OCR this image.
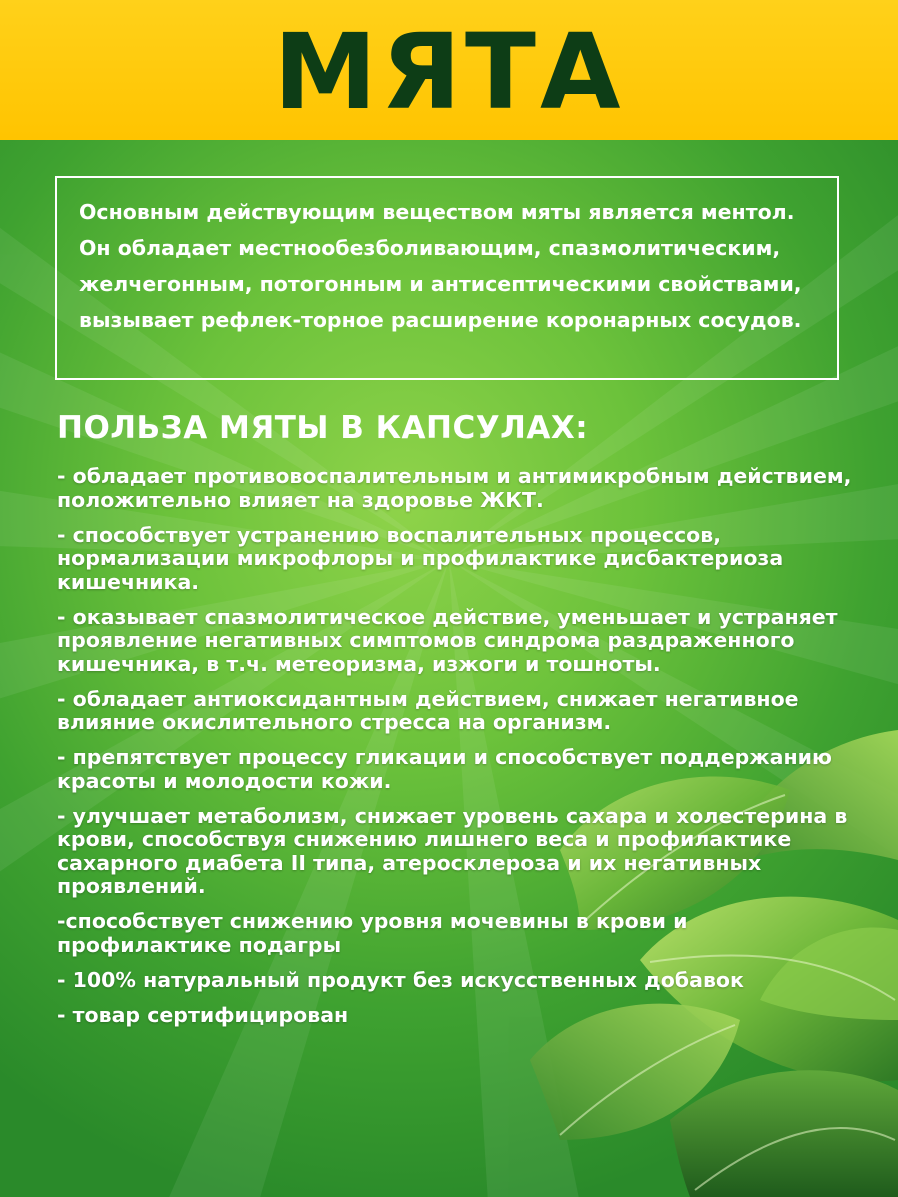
МЯТА
Основным действующим веществом мяты является ментол. Он обладает местнообезболивающим, спазмолитическим, желчегонным, потогонным и антисептическими свойствами, вызывает рефлек-торное расширение коронарных сосудов.
ПОЛЬЗА МЯТЫ В КАПСУЛАХ:
- обладает противовоспалительным и антимикробным действием, положительно влияет на здоровье ЖКТ.
- способствует устранению воспалительных процессов, нормализации микрофлоры и профилактике дисбактериоза кишечника.
- оказывает спазмолитическое действие, уменьшает и устраняет проявление негативных симптомов синдрома раздраженного кишечника, в т.ч. метеоризма, изжоги и тошноты.
- обладает антиоксидантным действием, снижает негативное влияние окислительного стресса на организм.
- препятствует процессу гликации и способствует поддержанию красоты и молодости кожи.
- улучшает метаболизм, снижает уровень сахара и холестерина в крови, способствуя снижению лишнего веса и профилактике сахарного диабета II типа, атеросклероза и их негативных проявлений.
-способствует снижению уровня мочевины в крови и профилактике подагры
- 100% натуральный продукт без искусственных добавок
- товар сертифицирован
